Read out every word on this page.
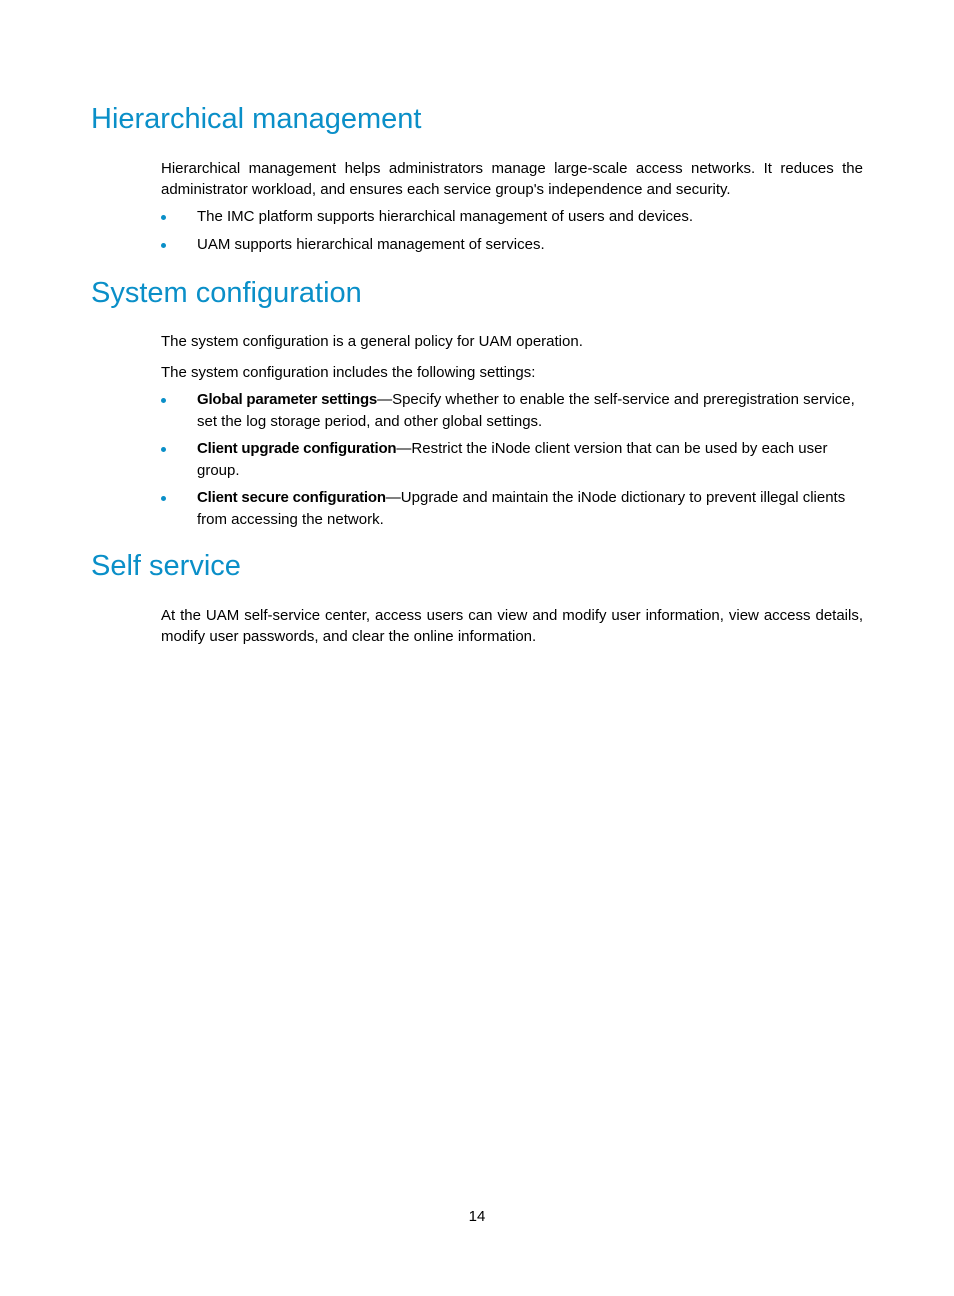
Hierarchical management

Hierarchical management helps administrators manage large-scale access networks. It reduces the administrator workload, and ensures each service group's independence and security.

The IMC platform supports hierarchical management of users and devices.
UAM supports hierarchical management of services.
System configuration

The system configuration is a general policy for UAM operation.

The system configuration includes the following settings:

Global parameter settings—Specify whether to enable the self-service and preregistration service, set the log storage period, and other global settings.
Client upgrade configuration—Restrict the iNode client version that can be used by each user group.
Client secure configuration—Upgrade and maintain the iNode dictionary to prevent illegal clients from accessing the network.
Self service

At the UAM self-service center, access users can view and modify user information, view access details, modify user passwords, and clear the online information.

14
